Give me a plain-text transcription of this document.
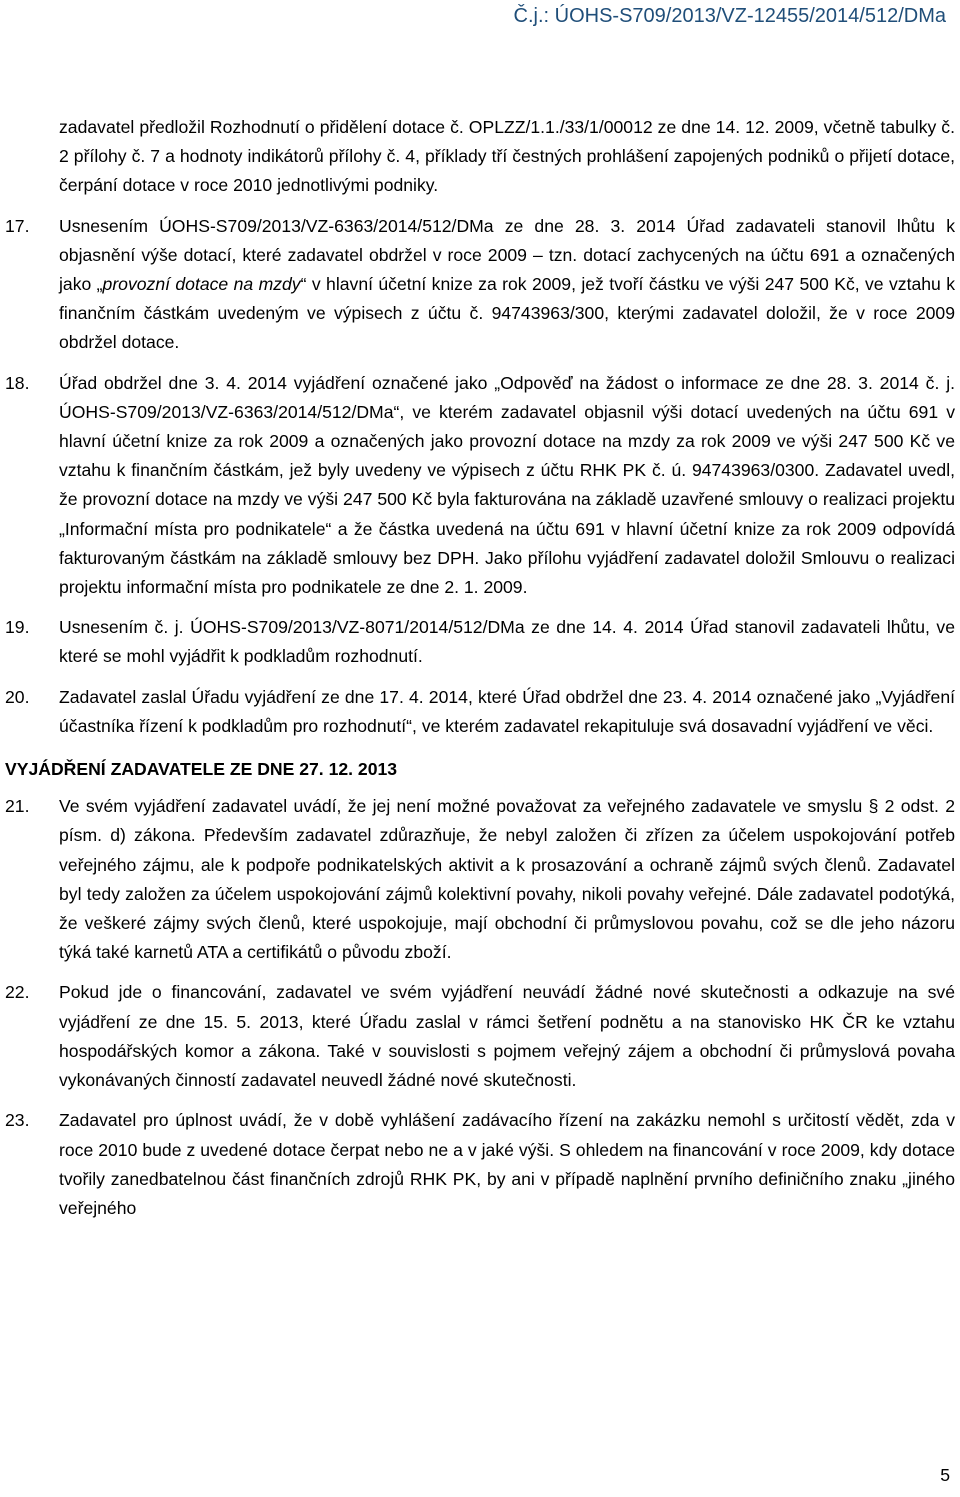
Č.j.: ÚOHS-S709/2013/VZ-12455/2014/512/DMa
zadavatel předložil Rozhodnutí o přidělení dotace č. OPLZZ/1.1./33/1/00012 ze dne 14. 12. 2009, včetně tabulky č. 2 přílohy č. 7 a hodnoty indikátorů přílohy č. 4, příklady tří čestných prohlášení zapojených podniků o přijetí dotace, čerpání dotace v roce 2010 jednotlivými podniky.
17. Usnesením ÚOHS-S709/2013/VZ-6363/2014/512/DMa ze dne 28. 3. 2014 Úřad zadavateli stanovil lhůtu k objasnění výše dotací, které zadavatel obdržel v roce 2009 – tzn. dotací zachycených na účtu 691 a označených jako „provozní dotace na mzdy“ v hlavní účetní knize za rok 2009, jež tvoří částku ve výši 247 500 Kč, ve vztahu k finančním částkám uvedeným ve výpisech z účtu č. 94743963/300, kterými zadavatel doložil, že v roce 2009 obdržel dotace.
18. Úřad obdržel dne 3. 4. 2014 vyjádření označené jako „Odpověď na žádost o informace ze dne 28. 3. 2014 č. j. ÚOHS-S709/2013/VZ-6363/2014/512/DMa“, ve kterém zadavatel objasnil výši dotací uvedených na účtu 691 v hlavní účetní knize za rok 2009 a označených jako provozní dotace na mzdy za rok 2009 ve výši 247 500 Kč ve vztahu k finančním částkám, jež byly uvedeny ve výpisech z účtu RHK PK č. ú. 94743963/0300. Zadavatel uvedl, že provozní dotace na mzdy ve výši 247 500 Kč byla fakturována na základě uzavřené smlouvy o realizaci projektu „Informační místa pro podnikatele“ a že částka uvedená na účtu 691 v hlavní účetní knize za rok 2009 odpovídá fakturovaným částkám na základě smlouvy bez DPH. Jako přílohu vyjádření zadavatel doložil Smlouvu o realizaci projektu informační místa pro podnikatele ze dne 2. 1. 2009.
19. Usnesením č. j. ÚOHS-S709/2013/VZ-8071/2014/512/DMa ze dne 14. 4. 2014 Úřad stanovil zadavateli lhůtu, ve které se mohl vyjádřit k podkladům rozhodnutí.
20. Zadavatel zaslal Úřadu vyjádření ze dne 17. 4. 2014, které Úřad obdržel dne 23. 4. 2014 označené jako „Vyjádření účastníka řízení k podkladům pro rozhodnutí“, ve kterém zadavatel rekapituluje svá dosavadní vyjádření ve věci.
VYJÁDŘENÍ ZADAVATELE ZE DNE 27. 12. 2013
21. Ve svém vyjádření zadavatel uvádí, že jej není možné považovat za veřejného zadavatele ve smyslu § 2 odst. 2 písm. d) zákona. Především zadavatel zdůrazňuje, že nebyl založen či zřízen za účelem uspokojování potřeb veřejného zájmu, ale k podpoře podnikatelských aktivit a k prosazování a ochraně zájmů svých členů. Zadavatel byl tedy založen za účelem uspokojování zájmů kolektivní povahy, nikoli povahy veřejné. Dále zadavatel podotýká, že veškeré zájmy svých členů, které uspokojuje, mají obchodní či průmyslovou povahu, což se dle jeho názoru týká také karnetů ATA a certifikátů o původu zboží.
22. Pokud jde o financování, zadavatel ve svém vyjádření neuvádí žádné nové skutečnosti a odkazuje na své vyjádření ze dne 15. 5. 2013, které Úřadu zaslal v rámci šetření podnětu a na stanovisko HK ČR ke vztahu hospodářských komor a zákona. Také v souvislosti s pojmem veřejný zájem a obchodní či průmyslová povaha vykonávaných činností zadavatel neuvedl žádné nové skutečnosti.
23. Zadavatel pro úplnost uvádí, že v době vyhlášení zadávacího řízení na zakázku nemohl s určitostí vědět, zda v roce 2010 bude z uvedené dotace čerpat nebo ne a v jaké výši. S ohledem na financování v roce 2009, kdy dotace tvořily zanedbatelnou část finančních zdrojů RHK PK, by ani v případě naplnění prvního definičního znaku „jiného veřejného
5
